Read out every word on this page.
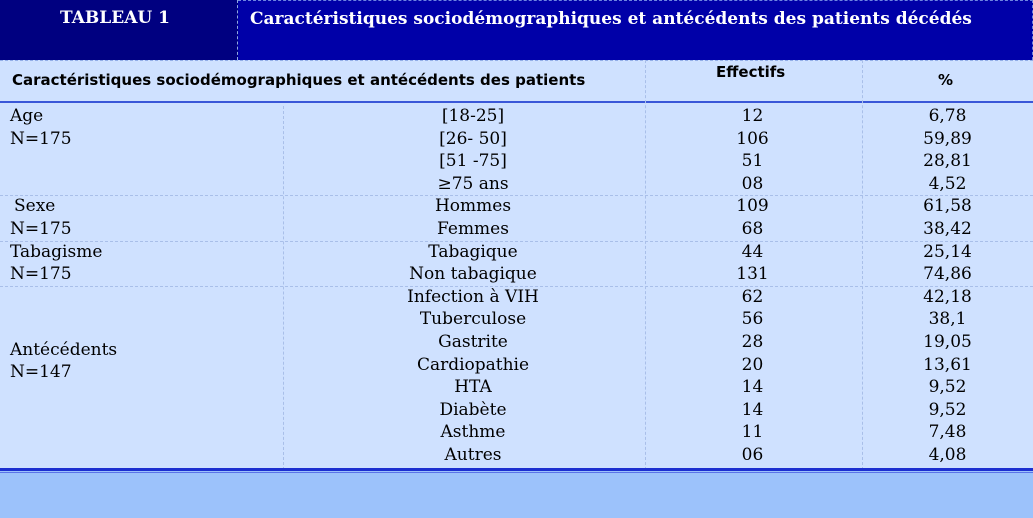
TABLEAU 1	Caractéristiques sociodémographiques et antécédents des patients décédés
Caractéristiques sociodémographiques et antécédents des patients	Effectifs	%
Age
N=175
[18-25]	12	6,78
[26- 50]	106	59,89
[51 -75]	51	28,81
≥75 ans	08	4,52
Sexe
N=175
Hommes	109	61,58
Femmes	68	38,42
Tabagisme
N=175
Tabagique	44	25,14
Non tabagique	131	74,86
Antécédents
N=147
Infection à VIH	62	42,18
Tuberculose	56	38,1
Gastrite	28	19,05
Cardiopathie	20	13,61
HTA	14	9,52
Diabète	14	9,52
Asthme	11	7,48
Autres	06	4,08
